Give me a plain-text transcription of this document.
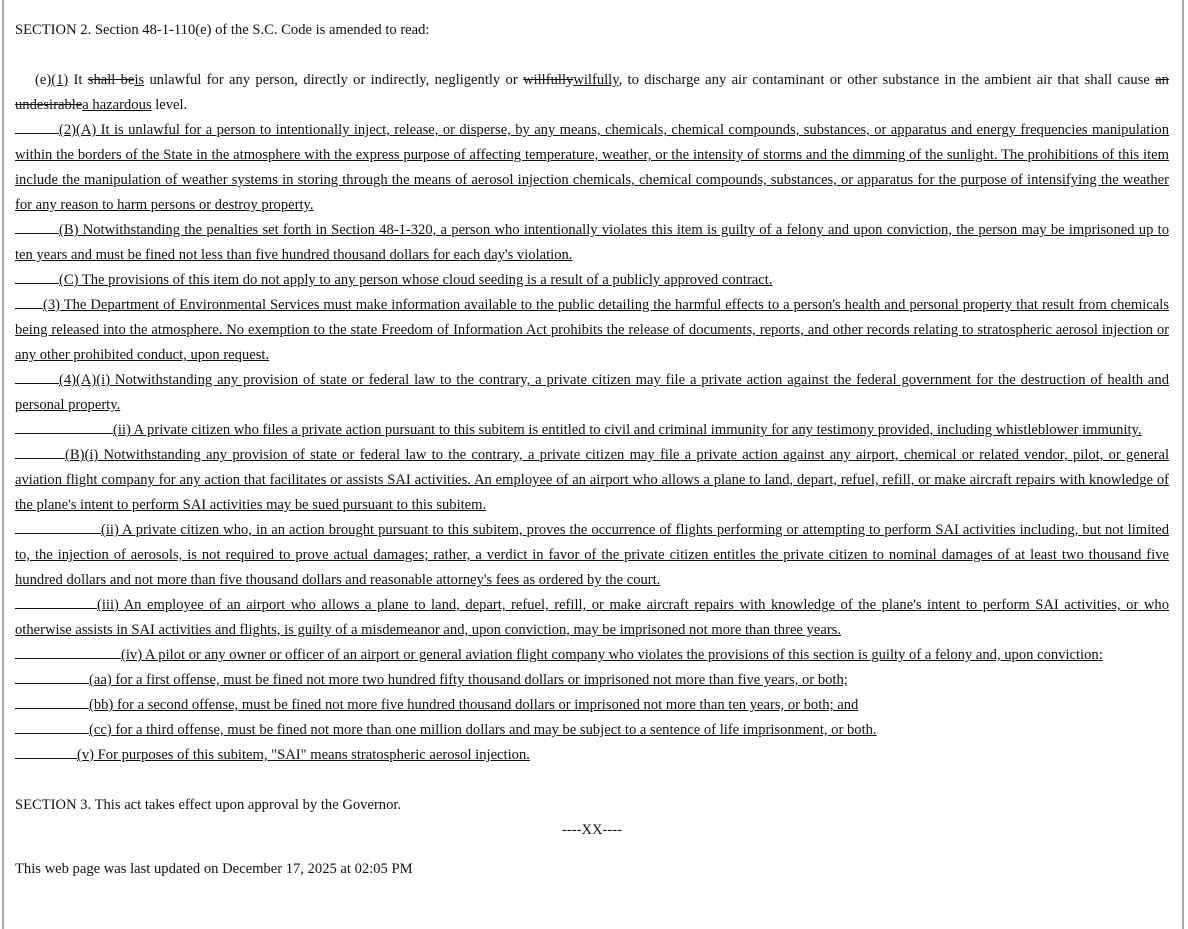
SECTION 2. Section 48-1-110(e) of the S.C. Code is amended to read:

(e)(1) It shall beis unlawful for any person, directly or indirectly, negligently or willfullywilfully, to discharge any air contaminant or other substance in the ambient air that shall cause an undesirablea hazardous level.

(2)(A) It is unlawful for a person to intentionally inject, release, or disperse, by any means, chemicals, chemical compounds, substances, or apparatus and energy frequencies manipulation within the borders of the State in the atmosphere with the express purpose of affecting temperature, weather, or the intensity of storms and the dimming of the sunlight. The prohibitions of this item include the manipulation of weather systems in storing through the means of aerosol injection chemicals, chemical compounds, substances, or apparatus for the purpose of intensifying the weather for any reason to harm persons or destroy property.

(B) Notwithstanding the penalties set forth in Section 48-1-320, a person who intentionally violates this item is guilty of a felony and upon conviction, the person may be imprisoned up to ten years and must be fined not less than five hundred thousand dollars for each day's violation.

(C) The provisions of this item do not apply to any person whose cloud seeding is a result of a publicly approved contract.

(3) The Department of Environmental Services must make information available to the public detailing the harmful effects to a person's health and personal property that result from chemicals being released into the atmosphere. No exemption to the state Freedom of Information Act prohibits the release of documents, reports, and other records relating to stratospheric aerosol injection or any other prohibited conduct, upon request.

(4)(A)(i) Notwithstanding any provision of state or federal law to the contrary, a private citizen may file a private action against the federal government for the destruction of health and personal property.

(ii) A private citizen who files a private action pursuant to this subitem is entitled to civil and criminal immunity for any testimony provided, including whistleblower immunity.

(B)(i) Notwithstanding any provision of state or federal law to the contrary, a private citizen may file a private action against any airport, chemical or related vendor, pilot, or general aviation flight company for any action that facilitates or assists SAI activities. An employee of an airport who allows a plane to land, depart, refuel, refill, or make aircraft repairs with knowledge of the plane's intent to perform SAI activities may be sued pursuant to this subitem.

(ii) A private citizen who, in an action brought pursuant to this subitem, proves the occurrence of flights performing or attempting to perform SAI activities including, but not limited to, the injection of aerosols, is not required to prove actual damages; rather, a verdict in favor of the private citizen entitles the private citizen to nominal damages of at least two thousand five hundred dollars and not more than five thousand dollars and reasonable attorney's fees as ordered by the court.

(iii) An employee of an airport who allows a plane to land, depart, refuel, refill, or make aircraft repairs with knowledge of the plane's intent to perform SAI activities, or who otherwise assists in SAI activities and flights, is guilty of a misdemeanor and, upon conviction, may be imprisoned not more than three years.

(iv) A pilot or any owner or officer of an airport or general aviation flight company who violates the provisions of this section is guilty of a felony and, upon conviction:

(aa) for a first offense, must be fined not more two hundred fifty thousand dollars or imprisoned not more than five years, or both;

(bb) for a second offense, must be fined not more five hundred thousand dollars or imprisoned not more than ten years, or both; and

(cc) for a third offense, must be fined not more than one million dollars and may be subject to a sentence of life imprisonment, or both.

(v) For purposes of this subitem, "SAI" means stratospheric aerosol injection.

SECTION 3. This act takes effect upon approval by the Governor.

----XX----

This web page was last updated on December 17, 2025 at 02:05 PM
